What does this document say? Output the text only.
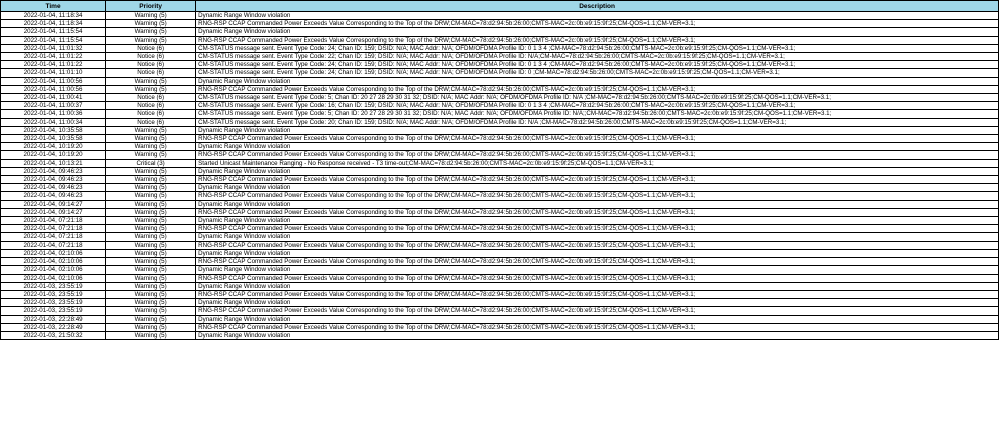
Time	Priority	Description
2022-01-04, 11:18:34	Warning (5)	Dynamic Range Window violation
2022-01-04, 11:18:34	Warning (5)	RNG-RSP CCAP Commanded Power Exceeds Value Corresponding to the Top of the DRW;CM-MAC=78:d2:94:5b:26:00;CMTS-MAC=2c:0b:e9:15:9f:25;CM-QOS=1.1;CM-VER=3.1;
2022-01-04, 11:15:54	Warning (5)	Dynamic Range Window violation
2022-01-04, 11:15:54	Warning (5)	RNG-RSP CCAP Commanded Power Exceeds Value Corresponding to the Top of the DRW;CM-MAC=78:d2:94:5b:26:00;CMTS-MAC=2c:0b:e9:15:9f:25;CM-QOS=1.1;CM-VER=3.1;
2022-01-04, 11:01:32	Notice (6)	CM-STATUS message sent. Event Type Code: 24; Chan ID: 159; DSID: N/A; MAC Addr: N/A; OFDM/OFDMA Profile ID: 0 1 3 4 ;CM-MAC=78:d2:94:5b:26:00;CMTS-MAC=2c:0b:e9:15:9f:25;CM-QOS=1.1;CM-VER=3.1;
2022-01-04, 11:01:22	Notice (6)	CM-STATUS message sent. Event Type Code: 22; Chan ID: 159; DSID: N/A; MAC Addr: N/A; OFDM/OFDMA Profile ID: N/A;CM-MAC=78:d2:94:5b:26:00;CMTS-MAC=2c:0b:e9:15:9f:25;CM-QOS=1.1;CM-VER=3.1;
2022-01-04, 11:01:22	Notice (6)	CM-STATUS message sent. Event Type Code: 24; Chan ID: 159; DSID: N/A; MAC Addr: N/A; OFDM/OFDMA Profile ID: 0 1 3 4 ;CM-MAC=78:d2:94:5b:26:00;CMTS-MAC=2c:0b:e9:15:9f:25;CM-QOS=1.1;CM-VER=3.1;
2022-01-04, 11:01:10	Notice (6)	CM-STATUS message sent. Event Type Code: 24; Chan ID: 159; DSID: N/A; MAC Addr: N/A; OFDM/OFDMA Profile ID: 0 ;CM-MAC=78:d2:94:5b:26:00;CMTS-MAC=2c:0b:e9:15:9f:25;CM-QOS=1.1;CM-VER=3.1;
2022-01-04, 11:00:56	Warning (5)	Dynamic Range Window violation
2022-01-04, 11:00:56	Warning (5)	RNG-RSP CCAP Commanded Power Exceeds Value Corresponding to the Top of the DRW;CM-MAC=78:d2:94:5b:26:00;CMTS-MAC=2c:0b:e9:15:9f:25;CM-QOS=1.1;CM-VER=3.1;
2022-01-04, 11:00:41	Notice (6)	CM-STATUS message sent. Event Type Code: 5; Chan ID: 20 27 28 29 30 31 32; DSID: N/A; MAC Addr: N/A; OFDM/OFDMA Profile ID: N/A ;CM-MAC=78:d2:94:5b:26:00;CMTS-MAC=2c:0b:e9:15:9f:25;CM-QOS=1.1;CM-VER=3.1;
2022-01-04, 11:00:37	Notice (6)	CM-STATUS message sent. Event Type Code: 16; Chan ID: 159; DSID: N/A; MAC Addr: N/A; OFDM/OFDMA Profile ID: 0 1 3 4 ;CM-MAC=78:d2:94:5b:26:00;CMTS-MAC=2c:0b:e9:15:9f:25;CM-QOS=1.1;CM-VER=3.1;
2022-01-04, 11:00:36	Notice (6)	CM-STATUS message sent. Event Type Code: 5; Chan ID: 20 27 28 29 30 31 32; DSID: N/A; MAC Addr: N/A; OFDM/OFDMA Profile ID: N/A;;CM-MAC=78:d2:94:5b:26:00;CMTS-MAC=2c:0b:e9:15:9f:25;CM-QOS=1.1;CM-VER=3.1;
2022-01-04, 11:00:34	Notice (6)	CM-STATUS message sent. Event Type Code: 20; Chan ID: 159; DSID: N/A; MAC Addr: N/A; OFDM/OFDMA Profile ID: N/A ;CM-MAC=78:d2:94:5b:26:00;CMTS-MAC=2c:0b:e9:15:9f:25;CM-QOS=1.1;CM-VER=3.1;
2022-01-04, 10:35:58	Warning (5)	Dynamic Range Window violation
2022-01-04, 10:35:58	Warning (5)	RNG-RSP CCAP Commanded Power Exceeds Value Corresponding to the Top of the DRW;CM-MAC=78:d2:94:5b:26:00;CMTS-MAC=2c:0b:e9:15:9f:25;CM-QOS=1.1;CM-VER=3.1;
2022-01-04, 10:19:20	Warning (5)	Dynamic Range Window violation
2022-01-04, 10:19:20	Warning (5)	RNG-RSP CCAP Commanded Power Exceeds Value Corresponding to the Top of the DRW;CM-MAC=78:d2:94:5b:26:00;CMTS-MAC=2c:0b:e9:15:9f:25;CM-QOS=1.1;CM-VER=3.1;
2022-01-04, 10:13:21	Critical (3)	Started Unicast Maintenance Ranging - No Response received - T3 time-out;CM-MAC=78:d2:94:5b:26:00;CMTS-MAC=2c:0b:e9:15:9f:25;CM-QOS=1.1;CM-VER=3.1;
2022-01-04, 09:46:23	Warning (5)	Dynamic Range Window violation
2022-01-04, 09:46:23	Warning (5)	RNG-RSP CCAP Commanded Power Exceeds Value Corresponding to the Top of the DRW;CM-MAC=78:d2:94:5b:26:00;CMTS-MAC=2c:0b:e9:15:9f:25;CM-QOS=1.1;CM-VER=3.1;
2022-01-04, 09:46:23	Warning (5)	Dynamic Range Window violation
2022-01-04, 09:46:23	Warning (5)	RNG-RSP CCAP Commanded Power Exceeds Value Corresponding to the Top of the DRW;CM-MAC=78:d2:94:5b:26:00;CMTS-MAC=2c:0b:e9:15:9f:25;CM-QOS=1.1;CM-VER=3.1;
2022-01-04, 09:14:27	Warning (5)	Dynamic Range Window violation
2022-01-04, 09:14:27	Warning (5)	RNG-RSP CCAP Commanded Power Exceeds Value Corresponding to the Top of the DRW;CM-MAC=78:d2:94:5b:26:00;CMTS-MAC=2c:0b:e9:15:9f:25;CM-QOS=1.1;CM-VER=3.1;
2022-01-04, 07:21:18	Warning (5)	Dynamic Range Window violation
2022-01-04, 07:21:18	Warning (5)	RNG-RSP CCAP Commanded Power Exceeds Value Corresponding to the Top of the DRW;CM-MAC=78:d2:94:5b:26:00;CMTS-MAC=2c:0b:e9:15:9f:25;CM-QOS=1.1;CM-VER=3.1;
2022-01-04, 07:21:18	Warning (5)	Dynamic Range Window violation
2022-01-04, 07:21:18	Warning (5)	RNG-RSP CCAP Commanded Power Exceeds Value Corresponding to the Top of the DRW;CM-MAC=78:d2:94:5b:26:00;CMTS-MAC=2c:0b:e9:15:9f:25;CM-QOS=1.1;CM-VER=3.1;
2022-01-04, 02:10:06	Warning (5)	Dynamic Range Window violation
2022-01-04, 02:10:06	Warning (5)	RNG-RSP CCAP Commanded Power Exceeds Value Corresponding to the Top of the DRW;CM-MAC=78:d2:94:5b:26:00;CMTS-MAC=2c:0b:e9:15:9f:25;CM-QOS=1.1;CM-VER=3.1;
2022-01-04, 02:10:06	Warning (5)	Dynamic Range Window violation
2022-01-04, 02:10:06	Warning (5)	RNG-RSP CCAP Commanded Power Exceeds Value Corresponding to the Top of the DRW;CM-MAC=78:d2:94:5b:26:00;CMTS-MAC=2c:0b:e9:15:9f:25;CM-QOS=1.1;CM-VER=3.1;
2022-01-03, 23:55:19	Warning (5)	Dynamic Range Window violation
2022-01-03, 23:55:19	Warning (5)	RNG-RSP CCAP Commanded Power Exceeds Value Corresponding to the Top of the DRW;CM-MAC=78:d2:94:5b:26:00;CMTS-MAC=2c:0b:e9:15:9f:25;CM-QOS=1.1;CM-VER=3.1;
2022-01-03, 23:55:19	Warning (5)	Dynamic Range Window violation
2022-01-03, 23:55:19	Warning (5)	RNG-RSP CCAP Commanded Power Exceeds Value Corresponding to the Top of the DRW;CM-MAC=78:d2:94:5b:26:00;CMTS-MAC=2c:0b:e9:15:9f:25;CM-QOS=1.1;CM-VER=3.1;
2022-01-03, 22:28:49	Warning (5)	Dynamic Range Window violation
2022-01-03, 22:28:49	Warning (5)	RNG-RSP CCAP Commanded Power Exceeds Value Corresponding to the Top of the DRW;CM-MAC=78:d2:94:5b:26:00;CMTS-MAC=2c:0b:e9:15:9f:25;CM-QOS=1.1;CM-VER=3.1;
2022-01-03, 21:50:32	Warning (5)	Dynamic Range Window violation
